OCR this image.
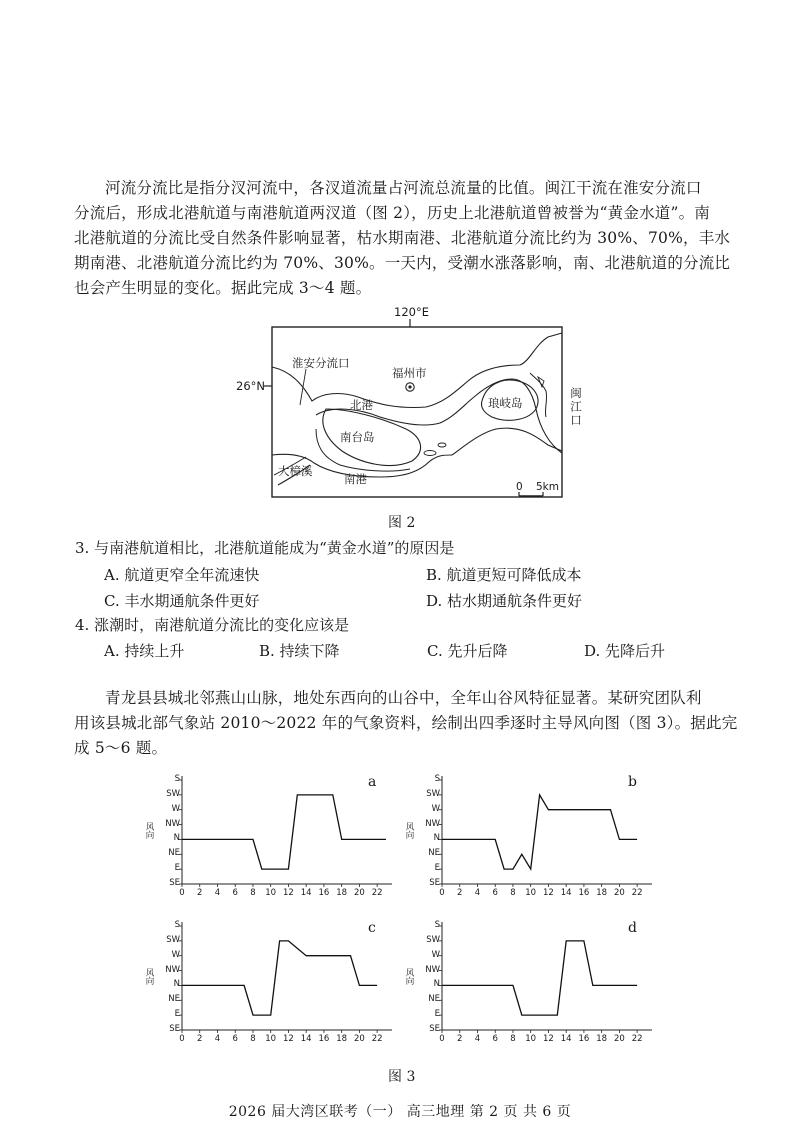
河流分流比是指分汊河流中，各汊道流量占河流总流量的比值。闽江干流在淮安分流口
分流后，形成北港航道与南港航道两汊道（图 2），历史上北港航道曾被誉为“黄金水道”。南
北港航道的分流比受自然条件影响显著，枯水期南港、北港航道分流比约为 30%、70%，丰水
期南港、北港航道分流比约为 70%、30%。一天内，受潮水涨落影响，南、北港航道的分流比
也会产生明显的变化。据此完成 3～4 题。
120°E
26°N
淮安分流口
福州市
北港
南台岛
琅岐岛	闽江口
大樟溪
南港
0 5km
图 2
3. 与南港航道相比，北港航道能成为“黄金水道”的原因是
A. 航道更窄全年流速快	B. 航道更短可降低成本
C. 丰水期通航条件更好	D. 枯水期通航条件更好
4. 涨潮时，南港航道分流比的变化应该是
A. 持续上升	B. 持续下降	C. 先升后降	D. 先降后升
青龙县县城北邻燕山山脉，地处东西向的山谷中，全年山谷风特征显著。某研究团队利
用该县城北部气象站 2010～2022 年的气象资料，绘制出四季逐时主导风向图（图 3）。据此完
成 5～6 题。
S
SW
W
NW
N
NE
E
SE
0	2	4	6	8	10 12 14 16 18 20 22
风向
a	S
SW
W
NW
N
NE
E
SE
0	2	4	6	8	10 12 14 16 18 20 22
风向
b
S
SW
W
NW
N
NE
E
SE
0	2	4	6	8	10 12 14 16 18 20 22
风向
c	S
SW
W
NW
N
NE
E
SE
0	2	4	6	8	10 12 14 16 18 20 22
风向
d
图 3
2026 届大湾区联考（一） 高三地理 第 2 页 共 6 页
